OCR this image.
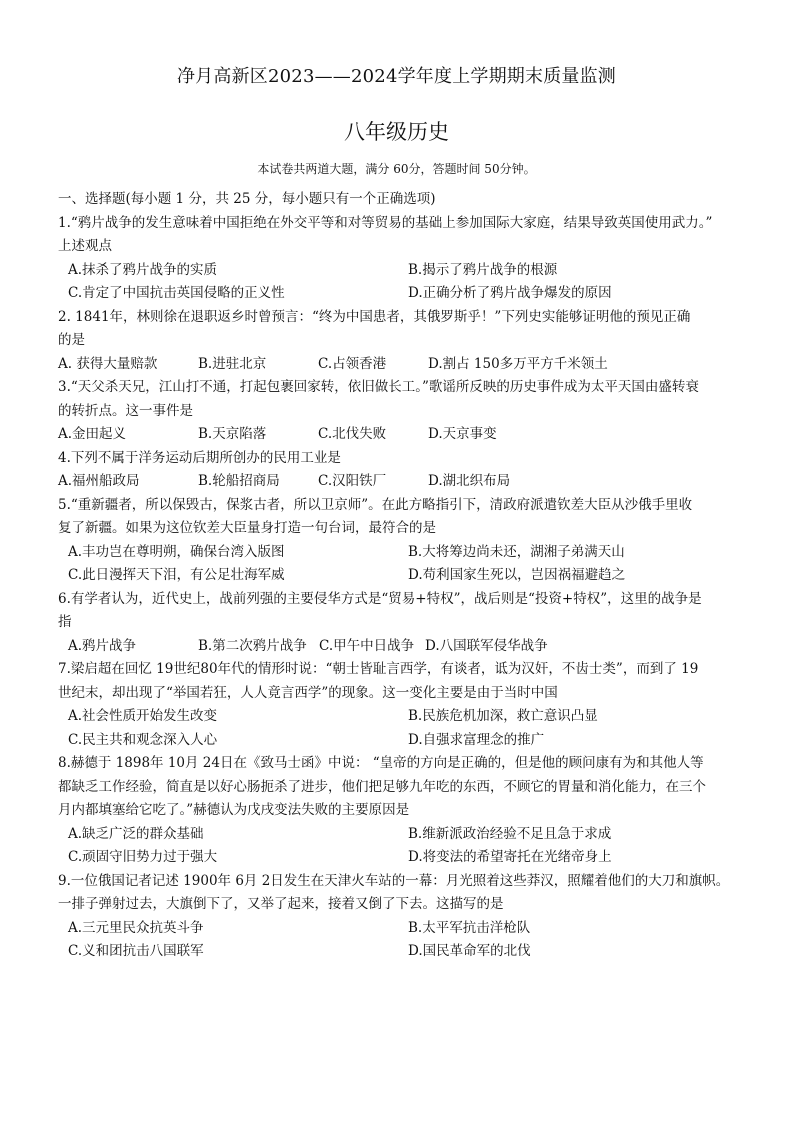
净月高新区2023——2024学年度上学期期末质量监测
八年级历史
本试卷共两道大题，满分 60分，答题时间 50分钟。
一、选择题(每小题 1 分，共 25 分，每小题只有一个正确选项)
1.“鸦片战争的发生意味着中国拒绝在外交平等和对等贸易的基础上参加国际大家庭，结果导致英国使用武力。”
上述观点
A.抹杀了鸦片战争的实质	B.揭示了鸦片战争的根源
C.肯定了中国抗击英国侵略的正义性	D.正确分析了鸦片战争爆发的原因
2. 1841年，林则徐在退职返乡时曾预言：“终为中国患者，其俄罗斯乎！”下列史实能够证明他的预见正确
的是
A. 获得大量赔款	B.进驻北京	C.占领香港	D.割占 150多万平方千米领土
3.“天父杀天兄，江山打不通，打起包裹回家转，依旧做长工。”歌谣所反映的历史事件成为太平天国由盛转衰
的转折点。这一事件是
A.金田起义	B.天京陷落	C.北伐失败	D.天京事变
4.下列不属于洋务运动后期所创办的民用工业是
A.福州船政局	B.轮船招商局	C.汉阳铁厂	D.湖北织布局
5.“重新疆者，所以保毁古，保浆古者，所以卫京师”。在此方略指引下，清政府派遣钦差大臣从沙俄手里收
复了新疆。如果为这位钦差大臣量身打造一句台词，最符合的是
A.丰功岂在尊明朔，确保台湾入版图	B.大将筹边尚未还，湖湘子弟满天山
C.此日漫挥天下泪，有公足壮海军威	D.苟利国家生死以，岂因祸福避趋之
6.有学者认为，近代史上，战前列强的主要侵华方式是“贸易+特权”，战后则是“投资+特权”，这里的战争是
指
A.鸦片战争	B.第二次鸦片战争 C.甲午中日战争 D.八国联军侵华战争
7.梁启超在回忆 19世纪80年代的情形时说：“朝士皆耻言西学，有谈者，诋为汉奸，不齿士类”，而到了 19
世纪末，却出现了“举国若狂，人人竟言西学”的现象。这一变化主要是由于当时中国
A.社会性质开始发生改变	B.民族危机加深，救亡意识凸显
C.民主共和观念深入人心	D.自强求富理念的推广
8.赫德于 1898年 10月 24日在《致马士函》中说： “皇帝的方向是正确的，但是他的顾问康有为和其他人等
都缺乏工作经验，简直是以好心肠扼杀了进步，他们把足够九年吃的东西，不顾它的胃量和消化能力，在三个
月内都填塞给它吃了。”赫德认为戊戌变法失败的主要原因是
A.缺乏广泛的群众基础	B.维新派政治经验不足且急于求成
C.顽固守旧势力过于强大	D.将变法的希望寄托在光绪帝身上
9.一位俄国记者记述 1900年 6月 2日发生在天津火车站的一幕：月光照着这些莽汉，照耀着他们的大刀和旗帜。
一排子弹射过去，大旗倒下了，又举了起来，接着又倒了下去。这描写的是
A.三元里民众抗英斗争	B.太平军抗击洋枪队
C.义和团抗击八国联军	D.国民革命军的北伐
